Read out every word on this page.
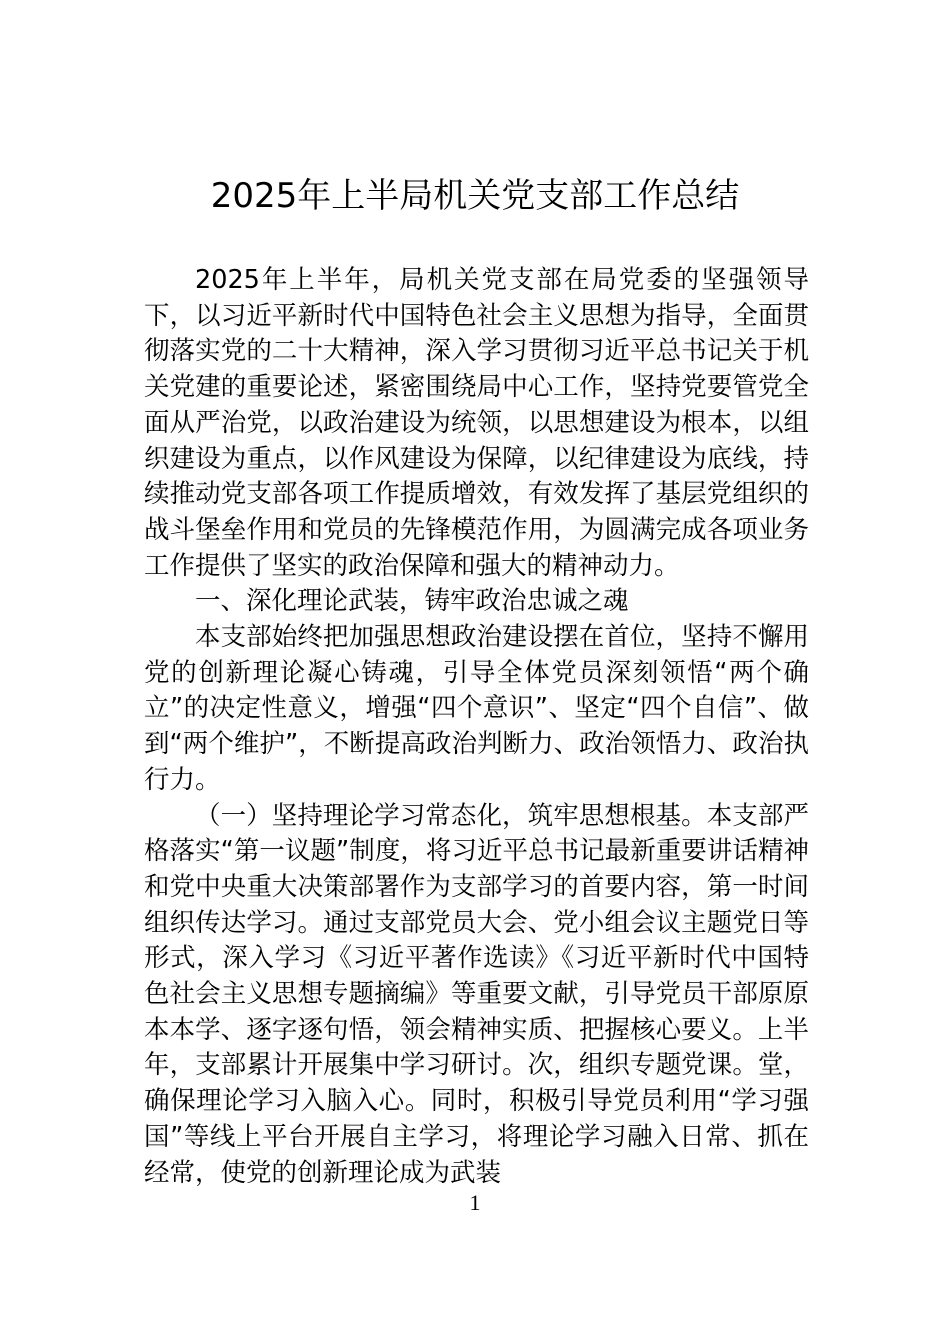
2025年上半局机关党支部工作总结

2025年上半年，局机关党支部在局党委的坚强领导下，以习近平新时代中国特色社会主义思想为指导，全面贯彻落实党的二十大精神，深入学习贯彻习近平总书记关于机关党建的重要论述，紧密围绕局中心工作，坚持党要管党全面从严治党，以政治建设为统领，以思想建设为根本，以组织建设为重点，以作风建设为保障，以纪律建设为底线，持续推动党支部各项工作提质增效，有效发挥了基层党组织的战斗堡垒作用和党员的先锋模范作用，为圆满完成各项业务工作提供了坚实的政治保障和强大的精神动力。

一、深化理论武装，铸牢政治忠诚之魂

本支部始终把加强思想政治建设摆在首位，坚持不懈用党的创新理论凝心铸魂，引导全体党员深刻领悟“两个确立”的决定性意义，增强“四个意识”、坚定“四个自信”、做到“两个维护”，不断提高政治判断力、政治领悟力、政治执行力。

（一）坚持理论学习常态化，筑牢思想根基。本支部严格落实“第一议题”制度，将习近平总书记最新重要讲话精神和党中央重大决策部署作为支部学习的首要内容，第一时间组织传达学习。通过支部党员大会、党小组会议主题党日等形式，深入学习《习近平著作选读》《习近平新时代中国特色社会主义思想专题摘编》等重要文献，引导党员干部原原本本学、逐字逐句悟，领会精神实质、把握核心要义。上半年，支部累计开展集中学习研讨。次，组织专题党课。堂，确保理论学习入脑入心。同时，积极引导党员利用“学习强国”等线上平台开展自主学习，将理论学习融入日常、抓在经常，使党的创新理论成为武装

1
